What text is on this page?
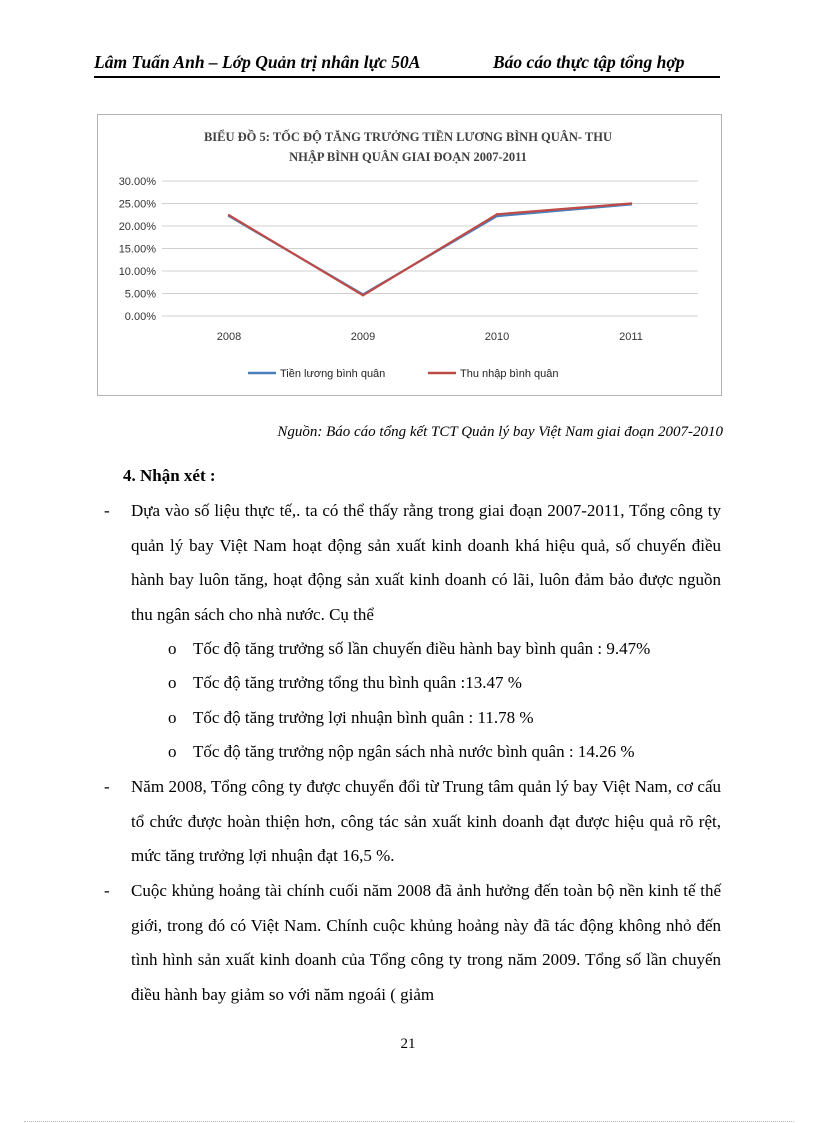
Lâm Tuấn Anh – Lớp Quản trị nhân lực 50A	Báo cáo thực tập tổng hợp
BIỂU ĐỒ 5: TỐC ĐỘ TĂNG TRƯỞNG TIỀN LƯƠNG BÌNH QUÂN- THU
NHẬP BÌNH QUÂN GIAI ĐOẠN 2007-2011
0.00%
5.00%
10.00%
15.00%
20.00%
25.00%
30.00%
2008	2009	2010	2011
Tiền lương bình quân	Thu nhập bình quân
Nguồn: Báo cáo tổng kết TCT Quản lý bay Việt Nam giai đoạn 2007-2010
4. Nhận xét :
- Dựa vào số liệu thực tế,. ta có thể thấy rằng trong giai đoạn 2007-2011, Tổng công ty quản lý bay Việt Nam hoạt động sản xuất kinh doanh khá hiệu quả, số chuyến điều hành bay luôn tăng, hoạt động sản xuất kinh doanh có lãi, luôn đảm bảo được nguồn thu ngân sách cho nhà nước. Cụ thể
o Tốc độ tăng trưởng số lần chuyến điều hành bay bình quân : 9.47%
o Tốc độ tăng trưởng tổng thu bình quân :13.47 %
o Tốc độ tăng trưởng lợi nhuận bình quân : 11.78 %
o Tốc độ tăng trưởng nộp ngân sách nhà nước bình quân : 14.26 %
- Năm 2008, Tổng công ty được chuyển đổi từ Trung tâm quản lý bay Việt Nam, cơ cấu tổ chức được hoàn thiện hơn, công tác sản xuất kinh doanh đạt được hiệu quả rõ rệt, mức tăng trưởng lợi nhuận đạt 16,5 %.
- Cuộc khủng hoảng tài chính cuối năm 2008 đã ảnh hưởng đến toàn bộ nền kinh tế thế giới, trong đó có Việt Nam. Chính cuộc khủng hoảng này đã tác động không nhỏ đến tình hình sản xuất kinh doanh của Tổng công ty trong năm 2009. Tổng số lần chuyến điều hành bay giảm so với năm ngoái ( giảm
21
